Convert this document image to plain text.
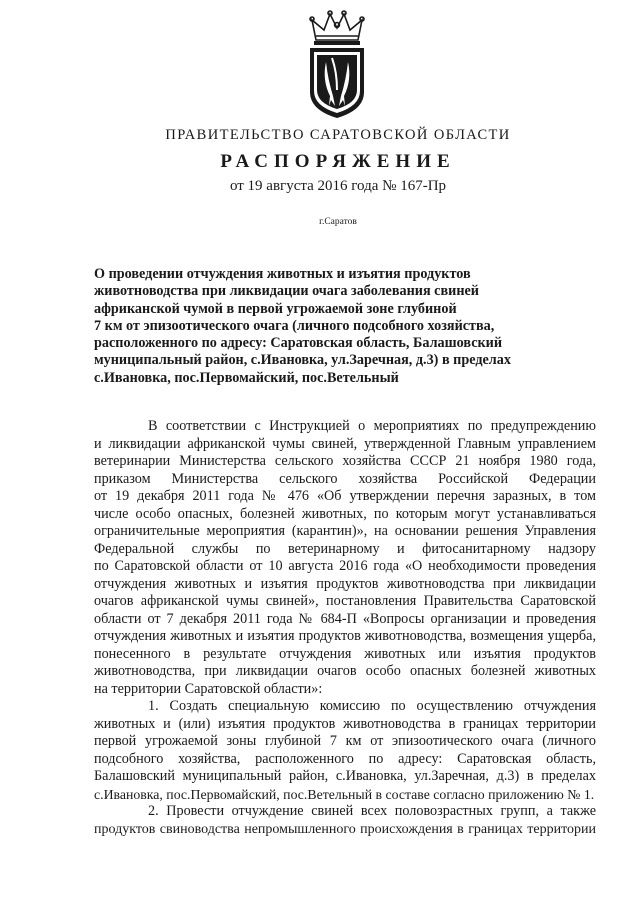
ПРАВИТЕЛЬСТВО САРАТОВСКОЙ ОБЛАСТИ
РАСПОРЯЖЕНИЕ
от 19 августа 2016 года № 167-Пр
г.Саратов
О проведении отчуждения животных и изъятия продуктов
животноводства при ликвидации очага заболевания свиней
африканской чумой в первой угрожаемой зоне глубиной
7 км от эпизоотического очага (личного подсобного хозяйства,
расположенного по адресу: Саратовская область, Балашовский
муниципальный район, с.Ивановка, ул.Заречная, д.3) в пределах
с.Ивановка, пос.Первомайский, пос.Ветельный
В соответствии с Инструкцией о мероприятиях по предупреждению
и ликвидации африканской чумы свиней, утвержденной Главным управлением
ветеринарии Министерства сельского хозяйства СССР 21 ноября 1980 года,
приказом Министерства сельского хозяйства Российской Федерации
от 19 декабря 2011 года № 476 «Об утверждении перечня заразных, в том
числе особо опасных, болезней животных, по которым могут устанавливаться
ограничительные мероприятия (карантин)», на основании решения Управления
Федеральной службы по ветеринарному и фитосанитарному надзору
по Саратовской области от 10 августа 2016 года «О необходимости проведения
отчуждения животных и изъятия продуктов животноводства при ликвидации
очагов африканской чумы свиней», постановления Правительства Саратовской
области от 7 декабря 2011 года № 684-П «Вопросы организации и проведения
отчуждения животных и изъятия продуктов животноводства, возмещения ущерба,
понесенного в результате отчуждения животных или изъятия продуктов
животноводства, при ликвидации очагов особо опасных болезней животных
на территории Саратовской области»:
1. Создать специальную комиссию по осуществлению отчуждения
животных и (или) изъятия продуктов животноводства в границах территории
первой угрожаемой зоны глубиной 7 км от эпизоотического очага (личного
подсобного хозяйства, расположенного по адресу: Саратовская область,
Балашовский муниципальный район, с.Ивановка, ул.Заречная, д.3) в пределах
с.Ивановка, пос.Первомайский, пос.Ветельный в составе согласно приложению № 1.
2. Провести отчуждение свиней всех половозрастных групп, а также
продуктов свиноводства непромышленного происхождения в границах территории
